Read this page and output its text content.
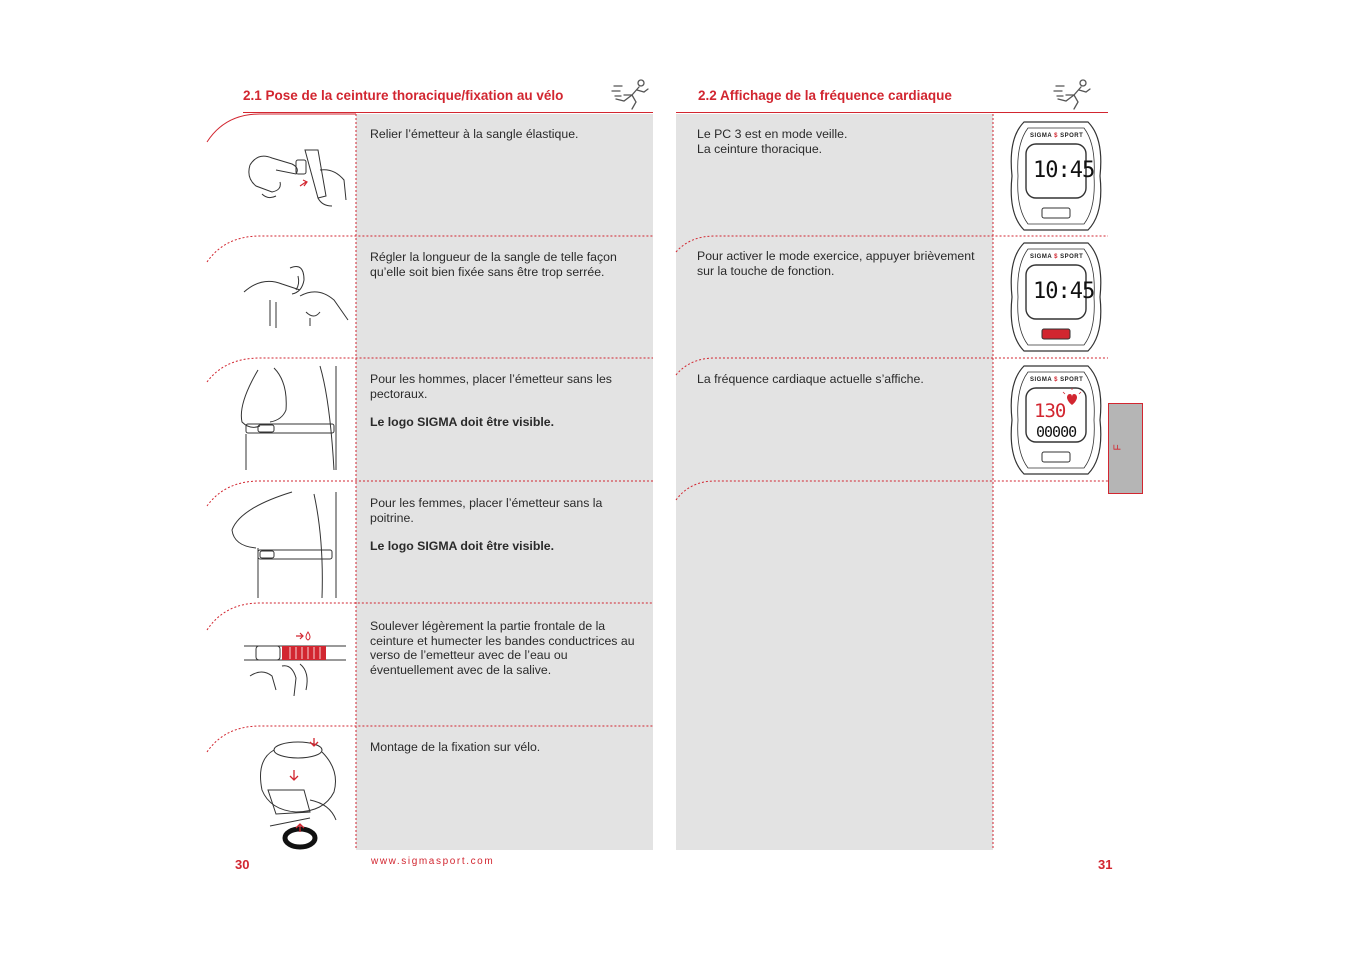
2.1 Pose de la ceinture thoracique/fixation au vélo	2.2 Affichage de la fréquence cardiaque

Relier l’émetteur à la sangle élastique.

Régler la longueur de la sangle de telle façon qu’elle soit bien fixée sans être trop serrée.

Pour les hommes, placer l’émetteur sans les pectoraux.

Le logo SIGMA doit être visible.

Pour les femmes, placer l’émetteur sans la poitrine.

Le logo SIGMA doit être visible.

Soulever légèrement la partie frontale de la ceinture et humecter les bandes conductrices au verso de l’emetteur avec de l’eau ou éventuellement avec de la salive.

Montage de la fixation sur vélo.

Le PC 3 est en mode veille.

La ceinture thoracique.

Pour activer le mode exercice, appuyer brièvement sur la touche de fonction.

La fréquence cardiaque actuelle s’affiche.

SIGMA $ SPORT
10:45
SIGMA $ SPORT
10:45
SIGMA $ SPORT
130
00000
F
30	www.sigmasport.com	31
